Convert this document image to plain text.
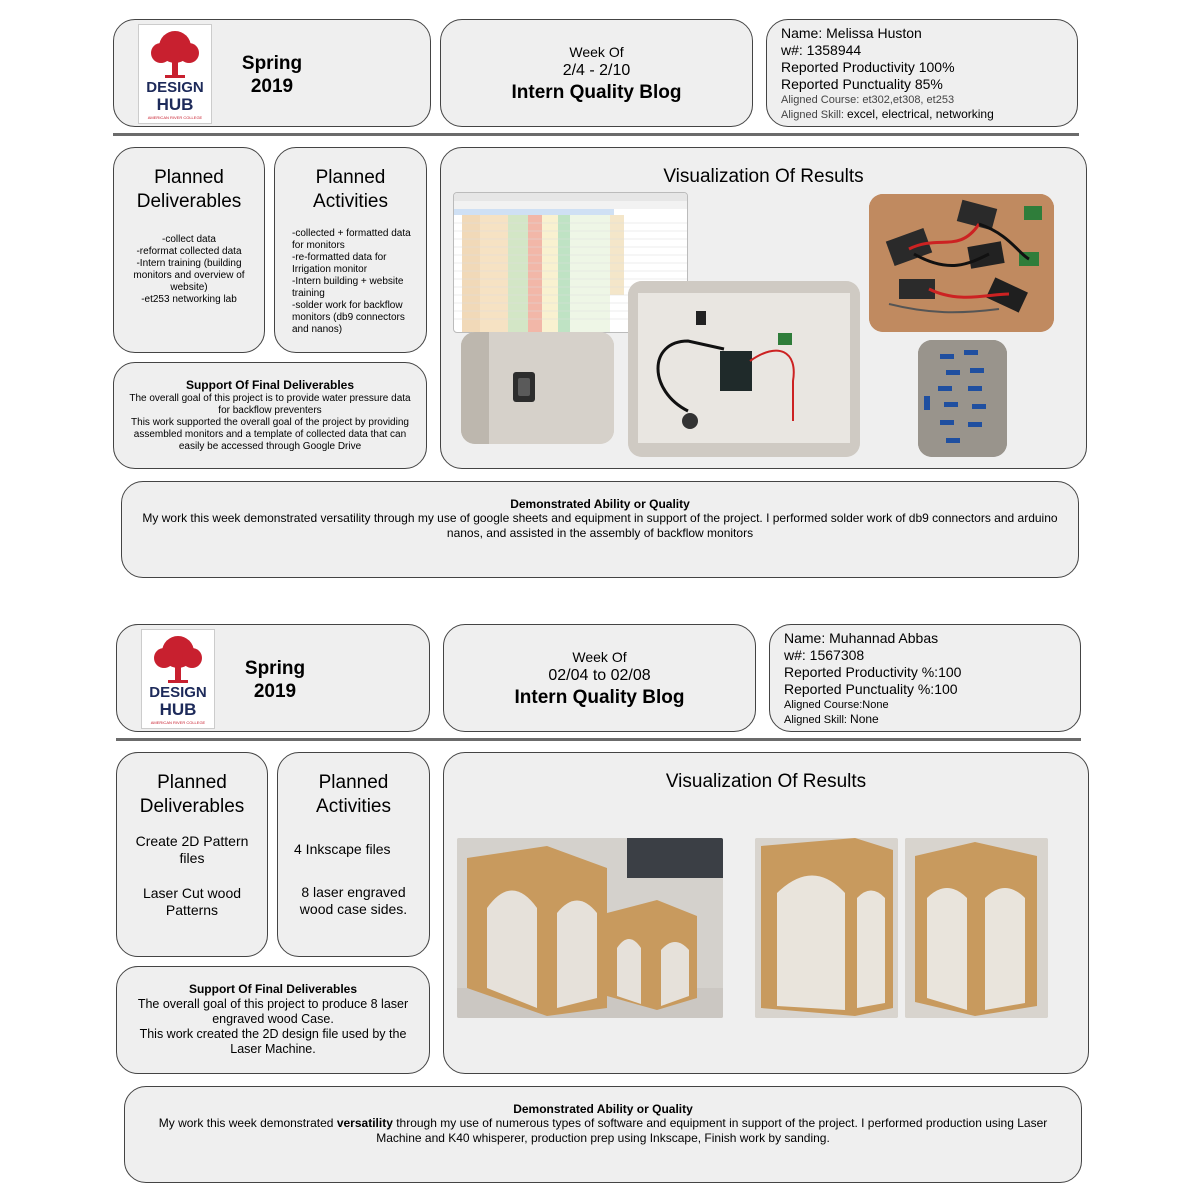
DESIGN
HUB
AMERICAN RIVER COLLEGE
Spring
2019
Week Of
2/4 - 2/10
Intern Quality Blog
Name: Melissa Huston
w#: 1358944
Reported Productivity 100%
Reported Punctuality 85%
Aligned Course: et302,et308, et253
Aligned Skill: excel, electrical, networking
Planned
Deliverables
-collect data
-reformat collected data
-Intern training (building monitors and overview of website)
-et253 networking lab
Planned
Activities
-collected + formatted data for monitors
-re-formatted data for Irrigation monitor
-Intern building + website training
-solder work for backflow monitors (db9 connectors and nanos)
Support Of Final Deliverables
The overall goal of this project is to provide water pressure data for backflow preventers
This work supported the overall goal of the project by providing assembled monitors and a template of collected data that can easily be accessed through Google Drive
Visualization Of Results
Demonstrated Ability or Quality
My work this week demonstrated versatility through my use of google sheets and equipment in support of the project. I performed solder work of db9 connectors and arduino nanos, and assisted in the assembly of backflow monitors
DESIGN
HUB
AMERICAN RIVER COLLEGE
Spring
2019
Week Of
02/04 to 02/08
Intern Quality Blog
Name: Muhannad Abbas
w#: 1567308
Reported Productivity %:100
Reported Punctuality %:100
Aligned Course:None
Aligned Skill: None
Planned
Deliverables
Create 2D Pattern files
Laser Cut wood Patterns
Planned
Activities
4 Inkscape files
8 laser engraved wood case sides.
Support Of Final Deliverables
The overall goal of this project to produce 8 laser engraved wood Case.
This work created the 2D design file used by the Laser Machine.
Visualization Of Results
Demonstrated Ability or Quality
My work this week demonstrated versatility through my use of numerous types of software and equipment in support of the project. I performed production using Laser Machine and K40 whisperer, production prep using Inkscape, Finish work by sanding.
